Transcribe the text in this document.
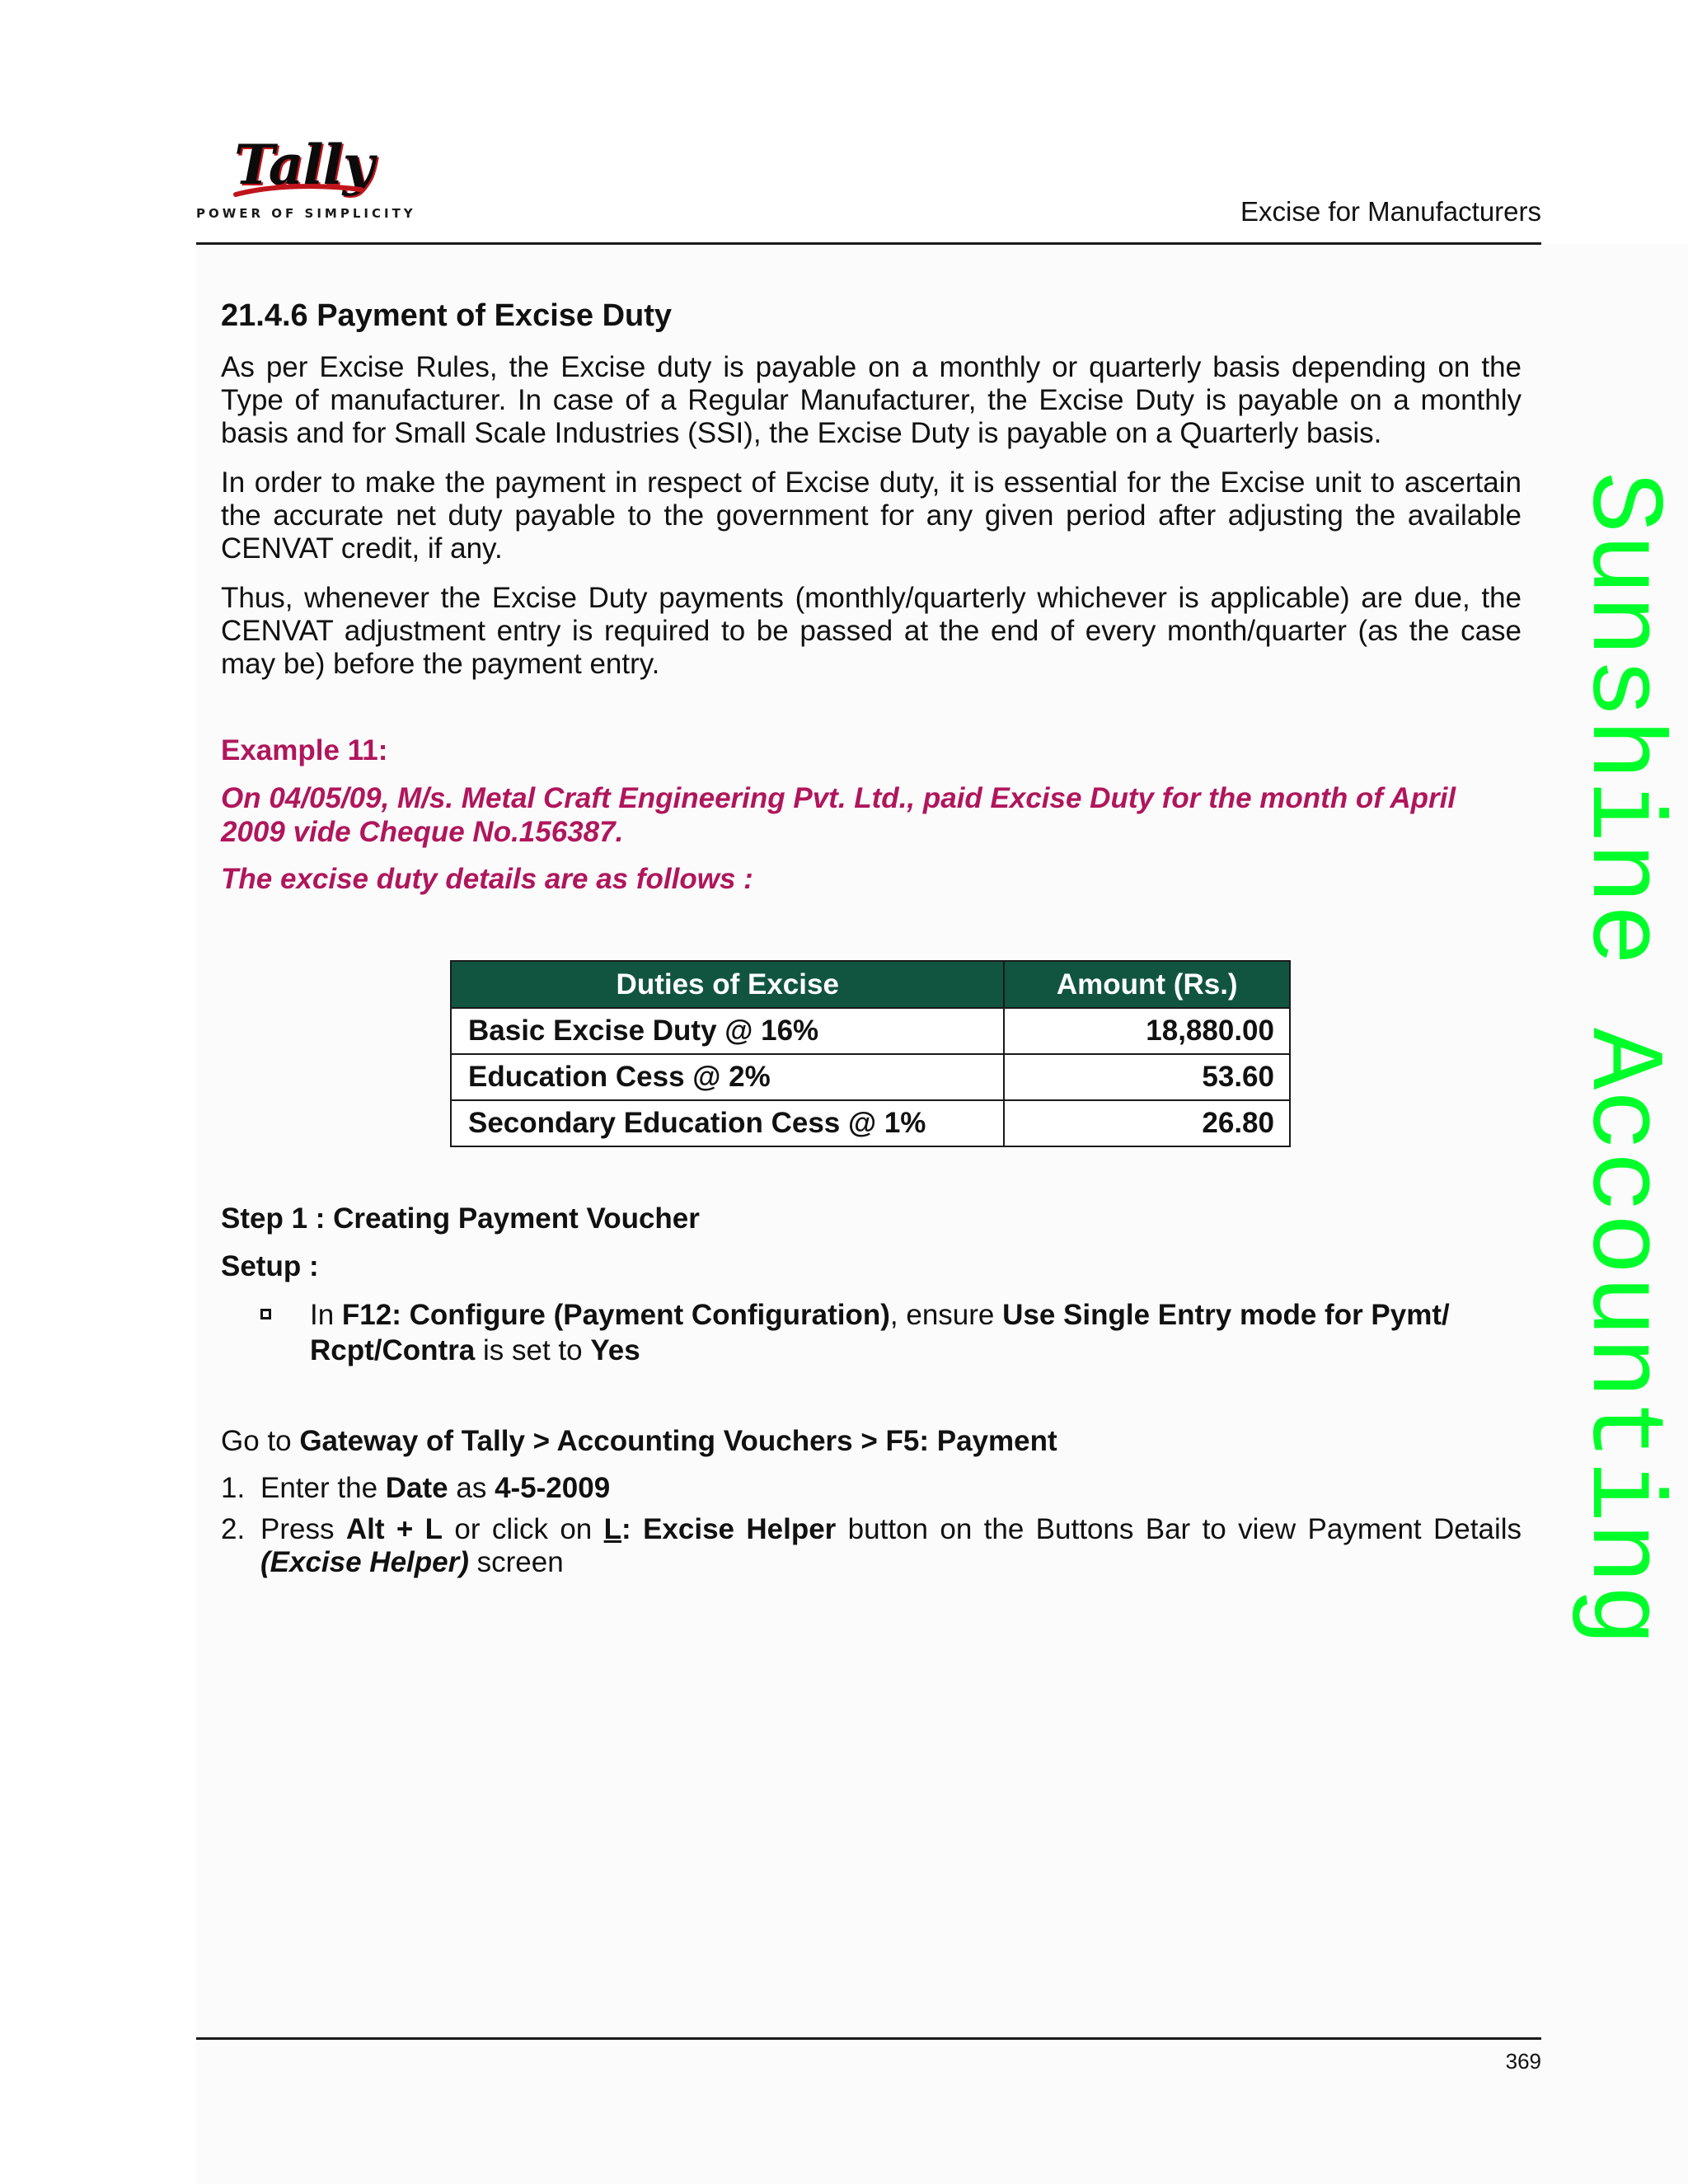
Tally
POWER OF SIMPLICITY	Excise for Manufacturers
21.4.6 Payment of Excise Duty

As per Excise Rules, the Excise duty is payable on a monthly or quarterly basis depending on the Type of manufacturer. In case of a Regular Manufacturer, the Excise Duty is payable on a monthly basis and for Small Scale Industries (SSI), the Excise Duty is payable on a Quarterly basis.

In order to make the payment in respect of Excise duty, it is essential for the Excise unit to ascertain the accurate net duty payable to the government for any given period after adjusting the available CENVAT credit, if any.

Thus, whenever the Excise Duty payments (monthly/quarterly whichever is applicable) are due, the CENVAT adjustment entry is required to be passed at the end of every month/quarter (as the case may be) before the payment entry.

Example 11:
On 04/05/09, M/s. Metal Craft Engineering Pvt. Ltd., paid Excise Duty for the month of April 2009 vide Cheque No.156387.
The excise duty details are as follows :
Duties of Excise	Amount (Rs.)
Basic Excise Duty @ 16%	18,880.00
Education Cess @ 2%	53.60
Secondary Education Cess @ 1%	26.80
Step 1 : Creating Payment Voucher
Setup :
In F12: Configure (Payment Configuration), ensure Use Single Entry mode for Pymt/ Rcpt/Contra is set to Yes
Go to Gateway of Tally > Accounting Vouchers > F5: Payment
1. Enter the Date as 4-5-2009
2. Press Alt + L or click on L: Excise Helper button on the Buttons Bar to view Payment Details (Excise Helper) screen	Sunshine Accounting
369
